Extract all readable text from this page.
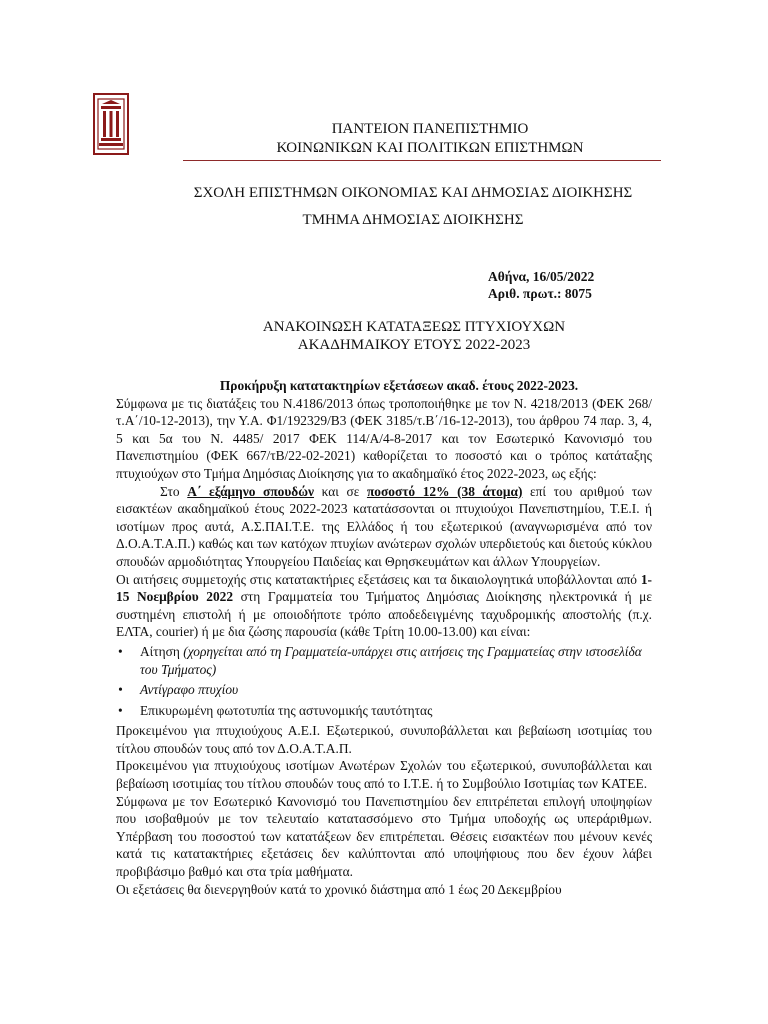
ΠΑΝΤΕΙΟΝ ΠΑΝΕΠΙΣΤΗΜΙΟ
ΚΟΙΝΩΝΙΚΩΝ ΚΑΙ ΠΟΛΙΤΙΚΩΝ ΕΠΙΣΤΗΜΩΝ
ΣΧΟΛΗ ΕΠΙΣΤΗΜΩΝ ΟΙΚΟΝΟΜΙΑΣ ΚΑΙ ΔΗΜΟΣΙΑΣ ΔΙΟΙΚΗΣΗΣ
ΤΜΗΜΑ ΔΗΜΟΣΙΑΣ ΔΙΟΙΚΗΣΗΣ
Αθήνα, 16/05/2022
Αριθ. πρωτ.: 8075
ΑΝΑΚΟΙΝΩΣΗ ΚΑΤΑΤΑΞΕΩΣ ΠΤΥΧΙΟΥΧΩΝ
ΑΚΑΔΗΜΑΙΚΟΥ ΕΤΟΥΣ 2022-2023

Προκήρυξη κατατακτηρίων εξετάσεων ακαδ. έτους 2022-2023.

Σύμφωνα με τις διατάξεις του Ν.4186/2013 όπως τροποποιήθηκε με τον Ν. 4218/2013 (ΦΕΚ 268/τ.Α΄/10-12-2013), την Υ.Α. Φ1/192329/Β3 (ΦΕΚ 3185/τ.Β΄/16-12-2013), του άρθρου 74 παρ. 3, 4, 5 και 5α του Ν. 4485/ 2017 ΦΕΚ 114/Α/4-8-2017 και τον Εσωτερικό Κανονισμό του Πανεπιστημίου (ΦΕΚ 667/τΒ/22-02-2021) καθορίζεται το ποσοστό και ο τρόπος κατάταξης πτυχιούχων στο Τμήμα Δημόσιας Διοίκησης για το ακαδημαϊκό έτος 2022-2023, ως εξής:

Στο Α΄ εξάμηνο σπουδών και σε ποσοστό 12% (38 άτομα) επί του αριθμού των εισακτέων ακαδημαϊκού έτους 2022-2023 κατατάσσονται οι πτυχιούχοι Πανεπιστημίου, Τ.Ε.Ι. ή ισοτίμων προς αυτά, Α.Σ.ΠΑΙ.Τ.Ε. της Ελλάδος ή του εξωτερικού (αναγνωρισμένα από τον Δ.Ο.Α.Τ.Α.Π.) καθώς και των κατόχων πτυχίων ανώτερων σχολών υπερδιετούς και διετούς κύκλου σπουδών αρμοδιότητας Υπουργείου Παιδείας και Θρησκευμάτων και άλλων Υπουργείων.

Οι αιτήσεις συμμετοχής στις κατατακτήριες εξετάσεις και τα δικαιολογητικά υποβάλλονται από 1-15 Νοεμβρίου 2022 στη Γραμματεία του Τμήματος Δημόσιας Διοίκησης ηλεκτρονικά ή με συστημένη επιστολή ή με οποιοδήποτε τρόπο αποδεδειγμένης ταχυδρομικής αποστολής (π.χ. ΕΛΤΑ, courier) ή με δια ζώσης παρουσία (κάθε Τρίτη 10.00-13.00) και είναι:

• Αίτηση (χορηγείται από τη Γραμματεία-υπάρχει στις αιτήσεις της Γραμματείας στην ιστοσελίδα του Τμήματος)
• Αντίγραφο πτυχίου
• Επικυρωμένη φωτοτυπία της αστυνομικής ταυτότητας

Προκειμένου για πτυχιούχους Α.Ε.Ι. Εξωτερικού, συνυποβάλλεται και βεβαίωση ισοτιμίας του τίτλου σπουδών τους από τον Δ.Ο.Α.Τ.Α.Π.

Προκειμένου για πτυχιούχους ισοτίμων Ανωτέρων Σχολών του εξωτερικού, συνυποβάλλεται και βεβαίωση ισοτιμίας του τίτλου σπουδών τους από το Ι.Τ.Ε. ή το Συμβούλιο Ισοτιμίας των ΚΑΤΕΕ.

Σύμφωνα με τον Εσωτερικό Κανονισμό του Πανεπιστημίου δεν επιτρέπεται επιλογή υποψηφίων που ισοβαθμούν με τον τελευταίο κατατασσόμενο στο Τμήμα υποδοχής ως υπεράριθμων. Υπέρβαση του ποσοστού των κατατάξεων δεν επιτρέπεται. Θέσεις εισακτέων που μένουν κενές κατά τις κατατακτήριες εξετάσεις δεν καλύπτονται από υποψήφιους που δεν έχουν λάβει προβιβάσιμο βαθμό και στα τρία μαθήματα.

Οι εξετάσεις θα διενεργηθούν κατά το χρονικό διάστημα από 1 έως 20 Δεκεμβρίου
